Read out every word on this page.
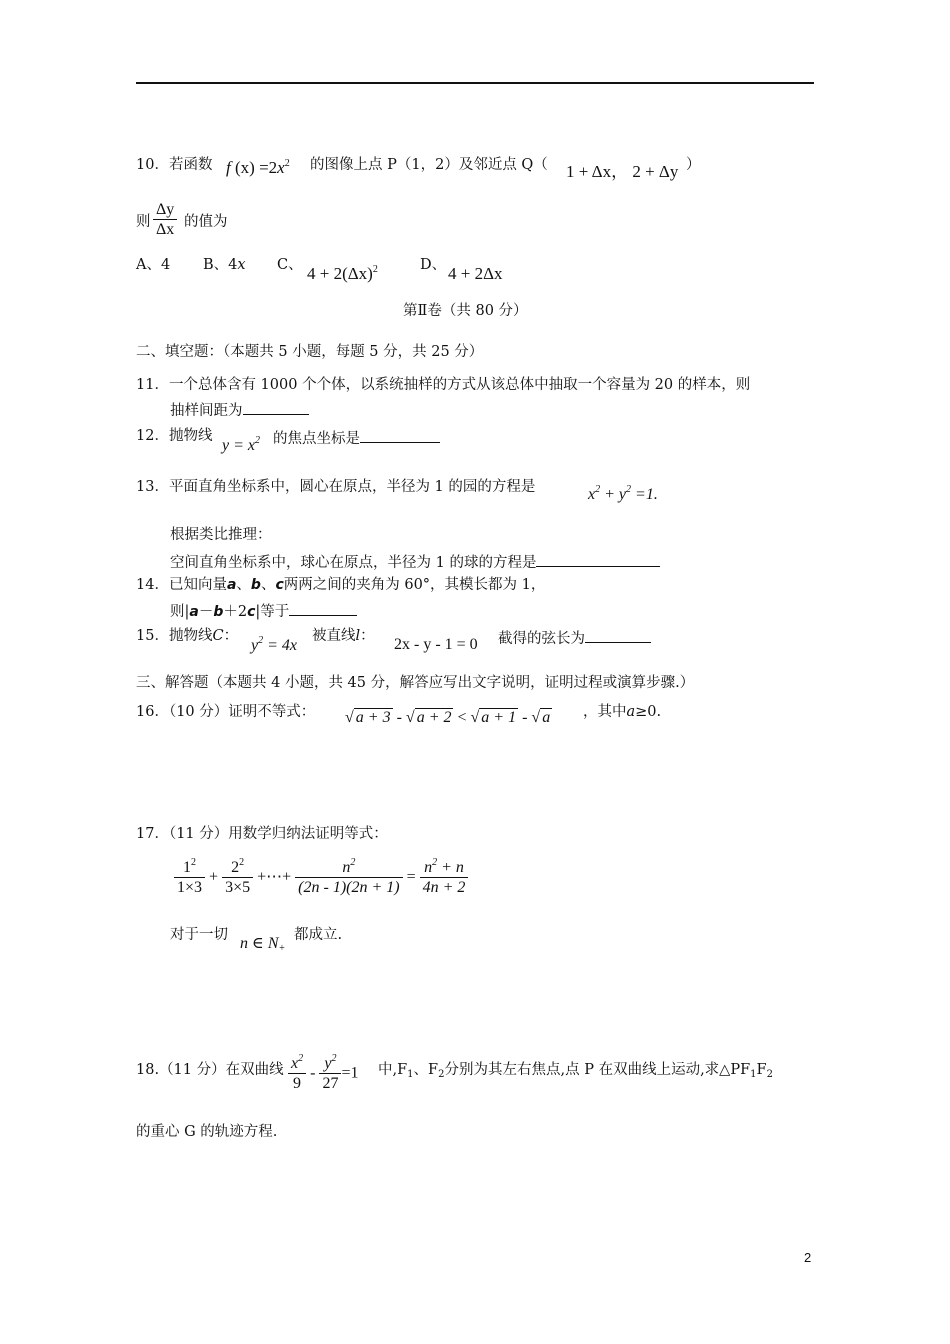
10．若函数 f $(x) =2x^2$ 的图像上点 P（1，2）及邻近点 Q（ 1 + Δx， 2 + Δy ）
则 $\frac{\Delta y}{\Delta x}$ 的值为
A、4 B、4x C、 $4 + 2(\Delta x)^2$	D、 4 + 2Δx
第Ⅱ卷（共 80 分）
二、填空题：（本题共 5 小题，每题 5 分，共 25 分）
11．一个总体含有 1000 个个体，以系统抽样的方式从该总体中抽取一个容量为 20 的样本，则
抽样间距为
12．抛物线
$y = x^2$ 的焦点坐标是
13．平面直角坐标系中，圆心在原点，半径为 1 的园的方程是	$x^2 + y^2 =1$.
根据类比推理：
空间直角坐标系中，球心在原点，半径为 1 的球的方程是
14．已知向量a、b、c两两之间的夹角为 60°，其模长都为 1，
则|a－b＋2c|等于
15．抛物线C：
$y^2 = 4x$
被直线l： 2x - y - 1 = 0 截得的弦长为
三、解答题（本题共 4 小题，共 45 分，解答应写出文字说明，证明过程或演算步骤.）
16．（10 分）证明不等式： √ a + 3 - √ a + 2 < √ a + 1 - √ a ，其中a≥0.
17．（11 分）用数学归纳法证明等式：
$\frac{1^2}{1\times 3} + \frac{2^2}{3\times 5}$ +⋯+ $\frac{n^2}{(2n - 1)(2n + 1)} = \frac{n^2 + n}{4n + 2}$
对于一切 n ∈ $N_+$
都成立.
18.（11 分）在双曲线 $\frac{x^2}{9} - \frac{y^2}{27} =1$ 中$,F_1$、$F_2$分别为其左右焦点,点 P 在双曲线上运动,求$\triangle PF_1F_2$
的重心 G 的轨迹方程.
2
